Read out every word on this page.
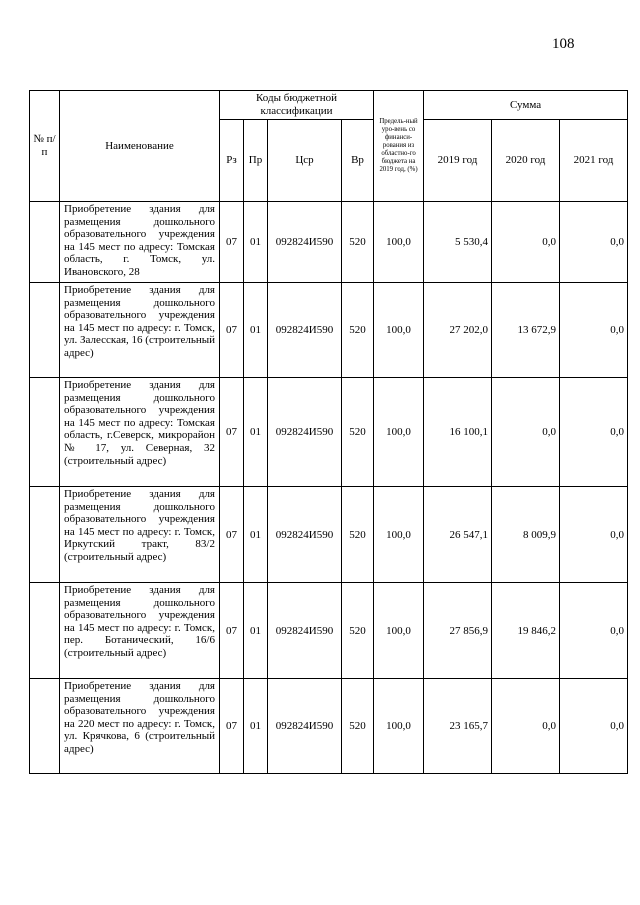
108
№ п/п	Наименование	Коды бюджетной классификации				Предель-ный уро-вень со финанси-рования из областно-го бюджета на 2019 год, (%)	Сумма		
		Рз	Пр	Цср	Вр		2019 год	2020 год	2021 год
	Приобретение здания для размещения дошкольного образовательного учреждения на 145 мест по адресу: Томская область, г. Томск, ул. Ивановского, 28	07	01	092824И590	520	100,0	5 530,4	0,0	0,0
	Приобретение здания для размещения дошкольного образовательного учреждения на 145 мест по адресу: г. Томск, ул. Залесская, 16 (строительный адрес)	07	01	092824И590	520	100,0	27 202,0	13 672,9	0,0
	Приобретение здания для размещения дошкольного образовательного учреждения на 145 мест по адресу: Томская область, г.Северск, микрорайон № 17, ул. Северная, 32 (строительный адрес)	07	01	092824И590	520	100,0	16 100,1	0,0	0,0
	Приобретение здания для размещения дошкольного образовательного учреждения на 145 мест по адресу: г. Томск, Иркутский тракт, 83/2 (строительный адрес)	07	01	092824И590	520	100,0	26 547,1	8 009,9	0,0
	Приобретение здания для размещения дошкольного образовательного учреждения на 145 мест по адресу: г. Томск, пер. Ботанический, 16/6 (строительный адрес)	07	01	092824И590	520	100,0	27 856,9	19 846,2	0,0
	Приобретение здания для размещения дошкольного образовательного учреждения на 220 мест по адресу: г. Томск, ул. Крячкова, 6 (строительный адрес)	07	01	092824И590	520	100,0	23 165,7	0,0	0,0
